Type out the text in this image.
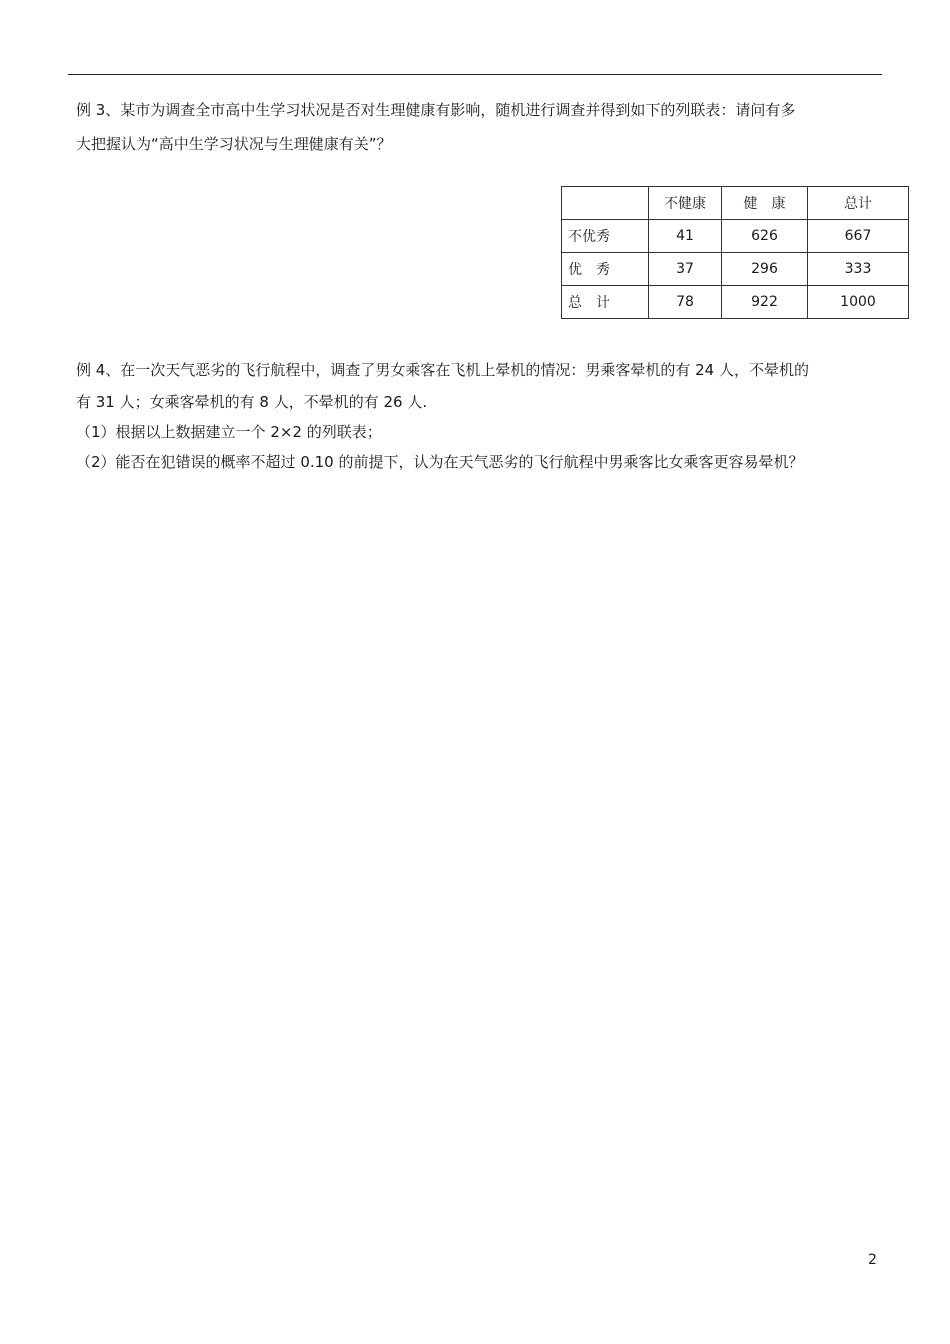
例 3、某市为调查全市高中生学习状况是否对生理健康有影响，随机进行调查并得到如下的列联表：请问有多
大把握认为“高中生学习状况与生理健康有关”？
	不健康	健　康	总计
不优秀	41	626	667
优　秀	37	296	333
总　计	78	922	1000
例 4、在一次天气恶劣的飞行航程中，调查了男女乘客在飞机上晕机的情况：男乘客晕机的有 24 人，不晕机的
有 31 人；女乘客晕机的有 8 人，不晕机的有 26 人.
（1）根据以上数据建立一个 2×2 的列联表；
（2）能否在犯错误的概率不超过 0.10 的前提下，认为在天气恶劣的飞行航程中男乘客比女乘客更容易晕机？
2
